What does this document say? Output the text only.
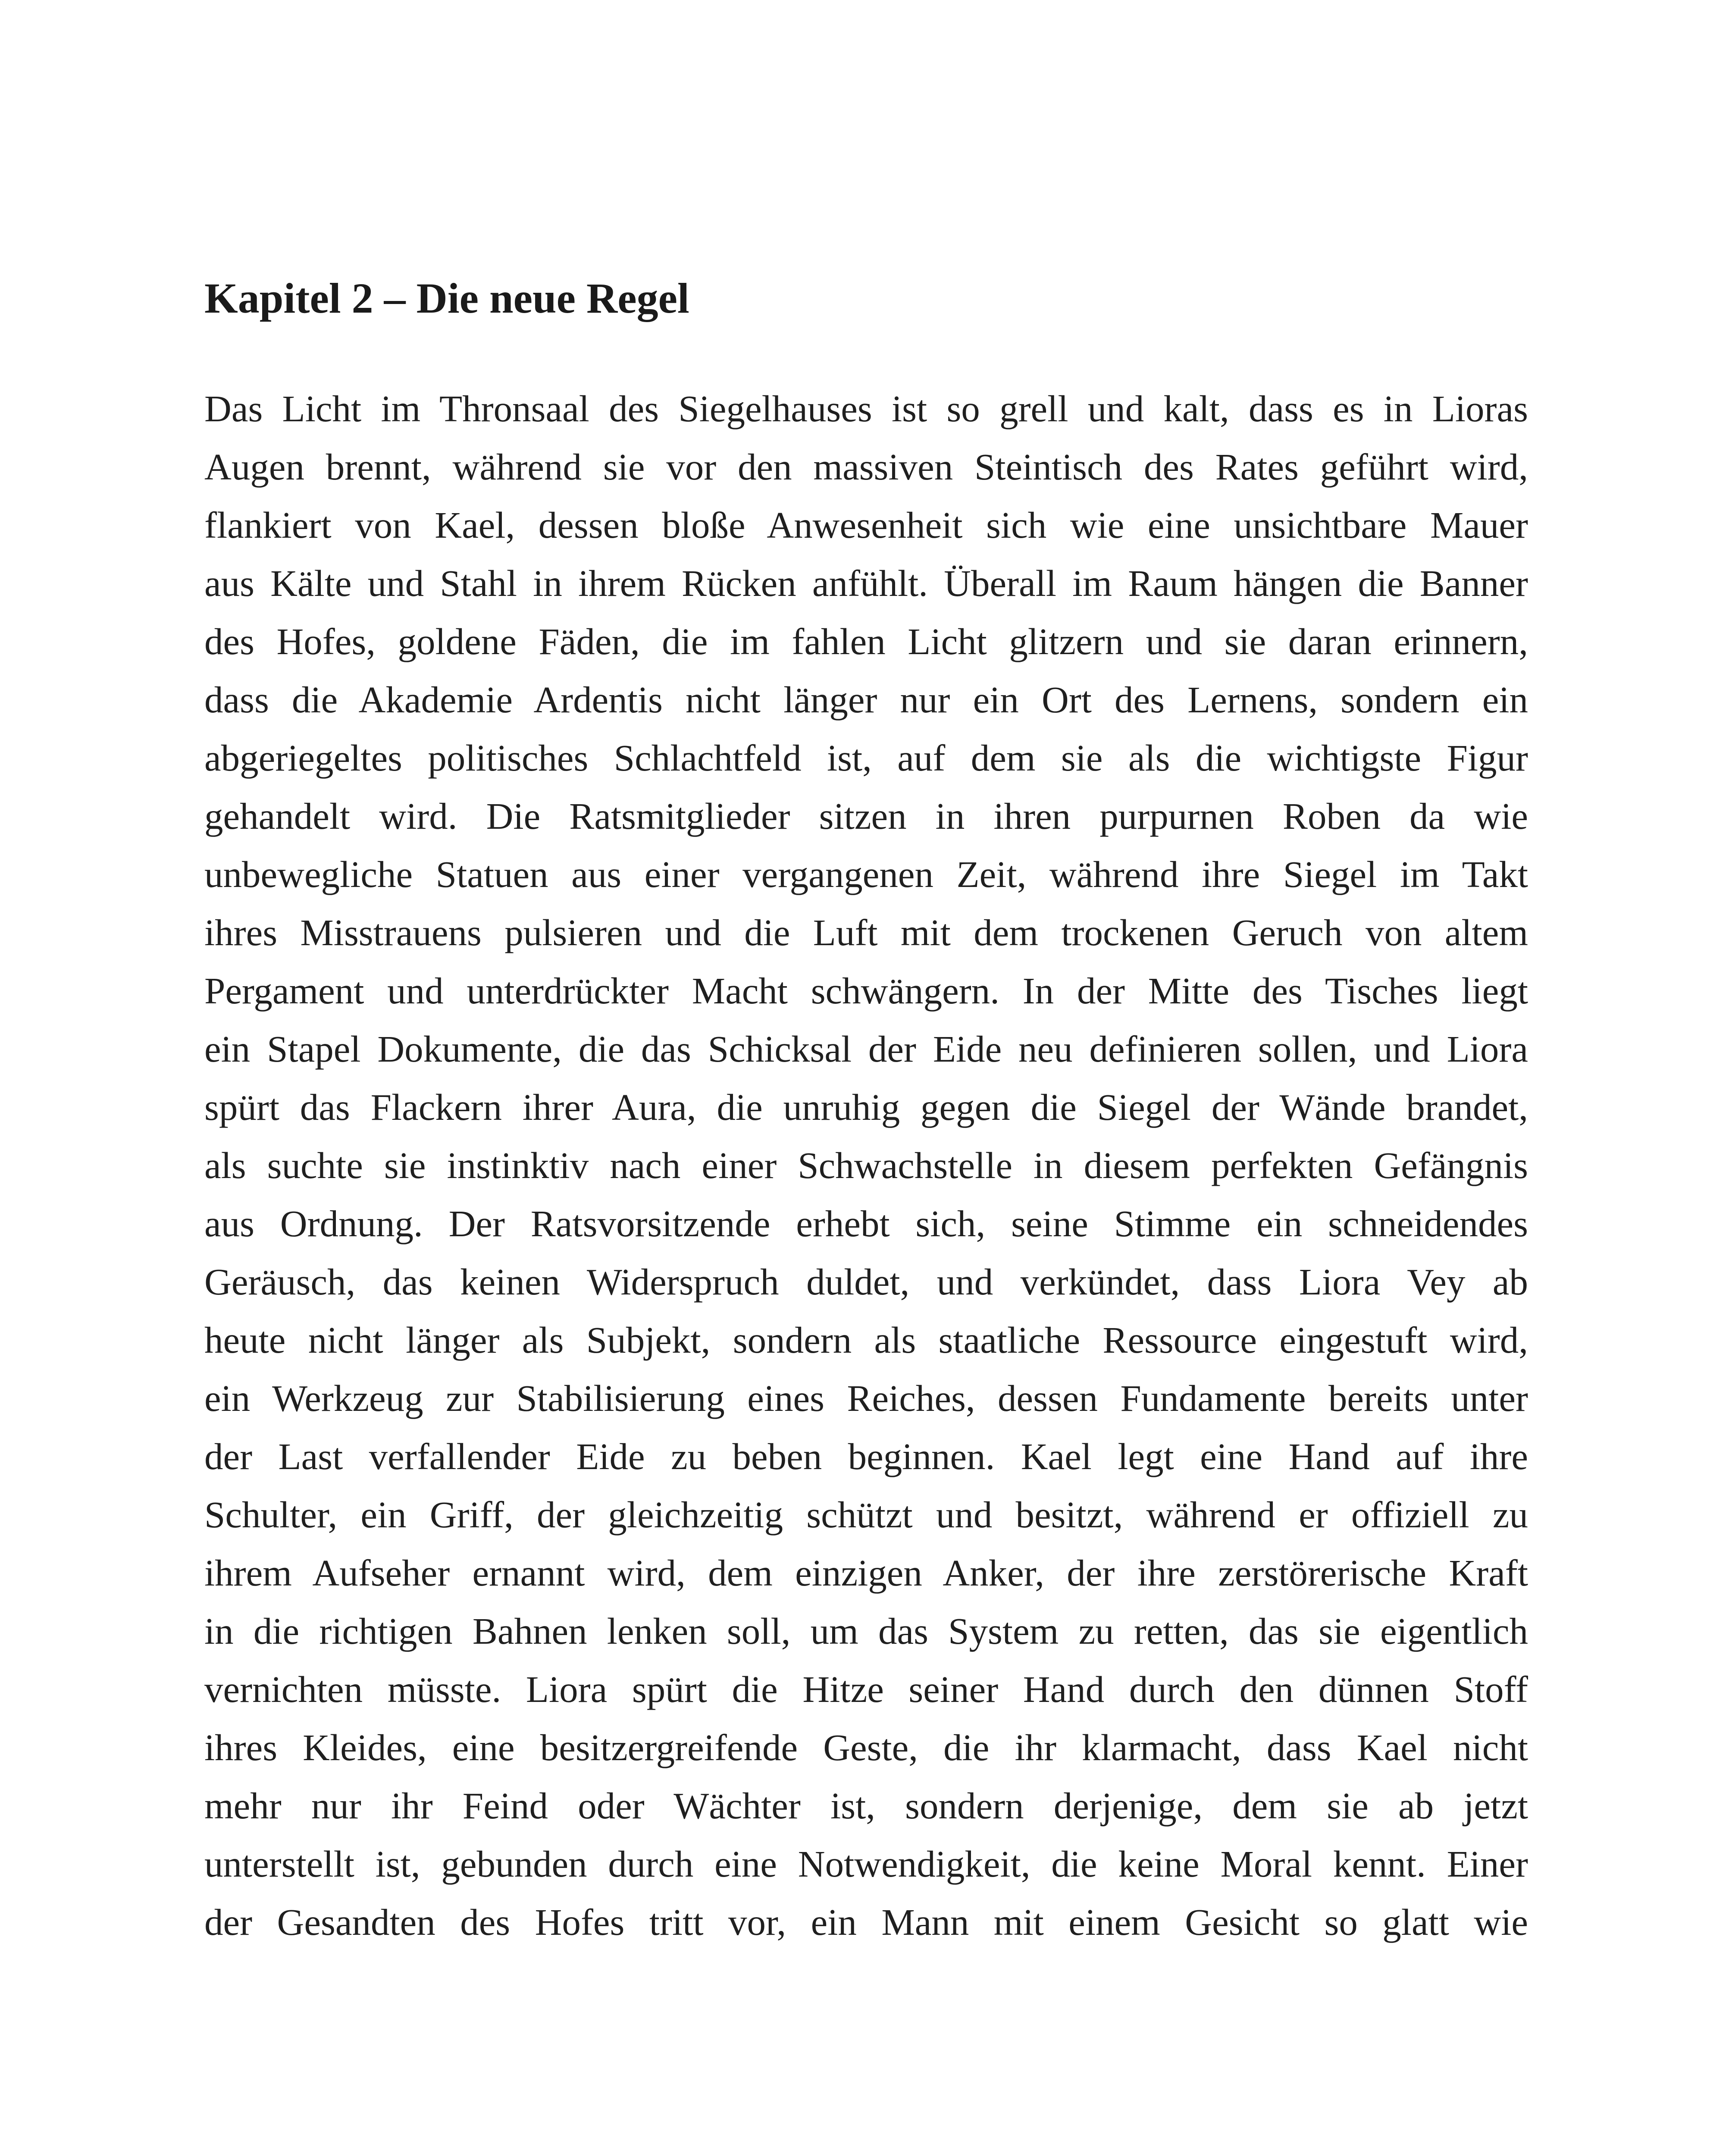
Kapitel 2 – Die neue Regel
Das Licht im Thronsaal des Siegelhauses ist so grell und kalt, dass es in Lioras
Augen brennt, während sie vor den massiven Steintisch des Rates geführt wird,
flankiert von Kael, dessen bloße Anwesenheit sich wie eine unsichtbare Mauer
aus Kälte und Stahl in ihrem Rücken anfühlt. Überall im Raum hängen die Banner
des Hofes, goldene Fäden, die im fahlen Licht glitzern und sie daran erinnern,
dass die Akademie Ardentis nicht länger nur ein Ort des Lernens, sondern ein
abgeriegeltes politisches Schlachtfeld ist, auf dem sie als die wichtigste Figur
gehandelt wird. Die Ratsmitglieder sitzen in ihren purpurnen Roben da wie
unbewegliche Statuen aus einer vergangenen Zeit, während ihre Siegel im Takt
ihres Misstrauens pulsieren und die Luft mit dem trockenen Geruch von altem
Pergament und unterdrückter Macht schwängern. In der Mitte des Tisches liegt
ein Stapel Dokumente, die das Schicksal der Eide neu definieren sollen, und Liora
spürt das Flackern ihrer Aura, die unruhig gegen die Siegel der Wände brandet,
als suchte sie instinktiv nach einer Schwachstelle in diesem perfekten Gefängnis
aus Ordnung. Der Ratsvorsitzende erhebt sich, seine Stimme ein schneidendes
Geräusch, das keinen Widerspruch duldet, und verkündet, dass Liora Vey ab
heute nicht länger als Subjekt, sondern als staatliche Ressource eingestuft wird,
ein Werkzeug zur Stabilisierung eines Reiches, dessen Fundamente bereits unter
der Last verfallender Eide zu beben beginnen. Kael legt eine Hand auf ihre
Schulter, ein Griff, der gleichzeitig schützt und besitzt, während er offiziell zu
ihrem Aufseher ernannt wird, dem einzigen Anker, der ihre zerstörerische Kraft
in die richtigen Bahnen lenken soll, um das System zu retten, das sie eigentlich
vernichten müsste. Liora spürt die Hitze seiner Hand durch den dünnen Stoff
ihres Kleides, eine besitzergreifende Geste, die ihr klarmacht, dass Kael nicht
mehr nur ihr Feind oder Wächter ist, sondern derjenige, dem sie ab jetzt
unterstellt ist, gebunden durch eine Notwendigkeit, die keine Moral kennt. Einer
der Gesandten des Hofes tritt vor, ein Mann mit einem Gesicht so glatt wie
